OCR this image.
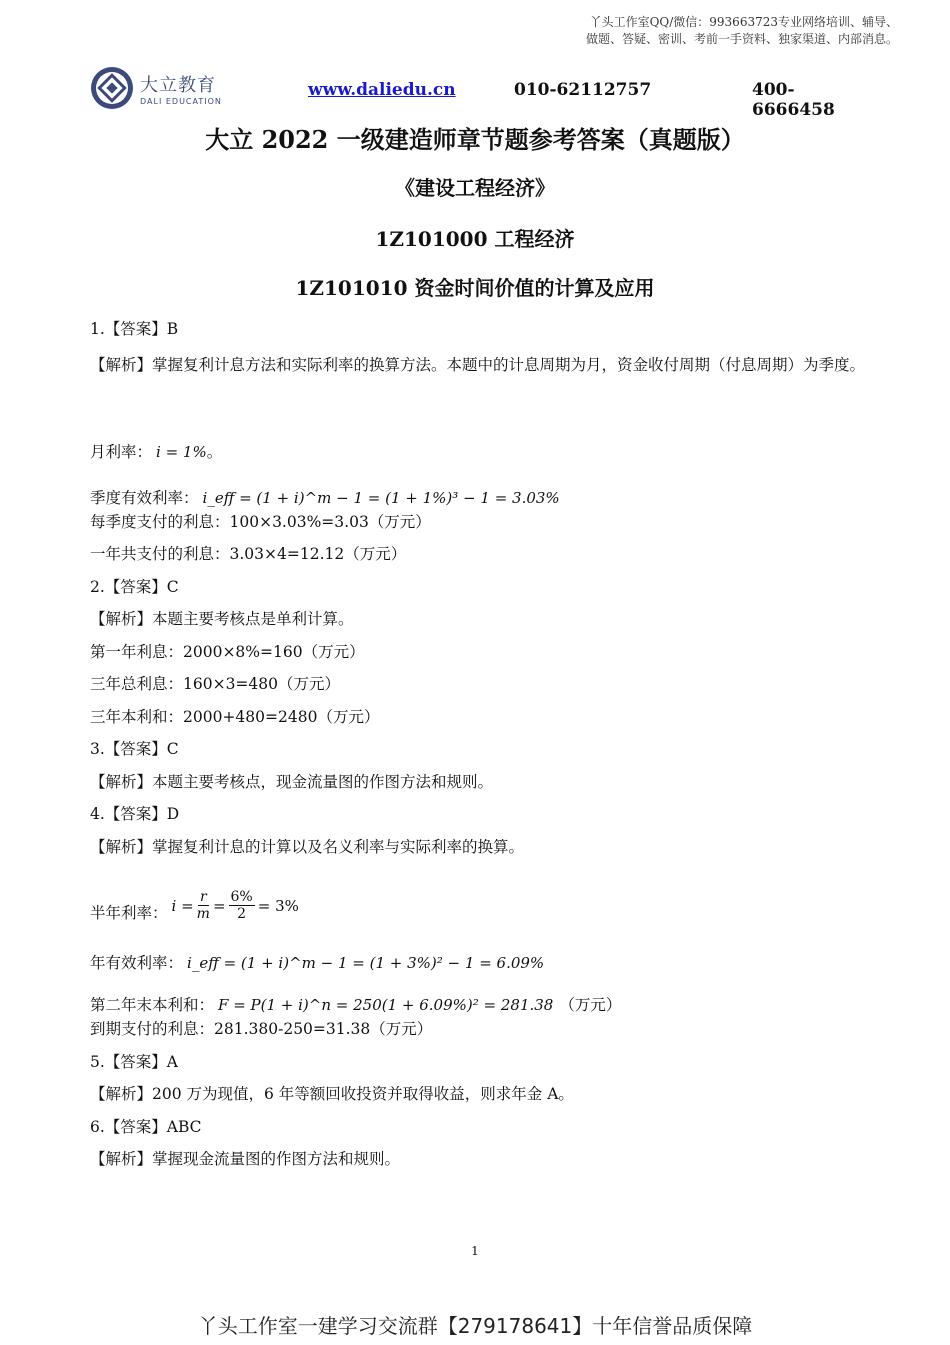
丫头工作室QQ/微信：993663723专业网络培训、辅导、
做题、答疑、密训、考前一手资料、独家渠道、内部消息。
大立教育
DALI EDUCATION
www.daliedu.cn	010-62112757	400-6666458
大立 2022 一级建造师章节题参考答案（真题版）
《建设工程经济》
1Z101000 工程经济
1Z101010 资金时间价值的计算及应用
1.【答案】B
【解析】掌握复利计息方法和实际利率的换算方法。本题中的计息周期为月，资金收付周期（付息周期）为季度。
月利率： i = 1% 。
季度有效利率： i_eff = (1 + i)^m − 1 = (1 + 1%)³ − 1 = 3.03%
每季度支付的利息：100×3.03%=3.03（万元）
一年共支付的利息：3.03×4=12.12（万元）
2.【答案】C
【解析】本题主要考核点是单利计算。
第一年利息：2000×8%=160（万元）
三年总利息：160×3=480（万元）
三年本利和：2000+480=2480（万元）
3.【答案】C
【解析】本题主要考核点，现金流量图的作图方法和规则。
4.【答案】D
【解析】掌握复利计息的计算以及名义利率与实际利率的换算。
半年利率： $i = \frac{r}{m} = \frac{6\%}{2} = 3\%$
年有效利率： i_eff = (1 + i)^m − 1 = (1 + 3%)² − 1 = 6.09%
第二年末本利和： F = P(1 + i)^n = 250(1 + 6.09%)² = 281.38 （万元）
到期支付的利息：281.380-250=31.38（万元）
5.【答案】A
【解析】200 万为现值，6 年等额回收投资并取得收益，则求年金 A。
6.【答案】ABC
【解析】掌握现金流量图的作图方法和规则。
1
丫头工作室一建学习交流群【279178641】十年信誉品质保障
